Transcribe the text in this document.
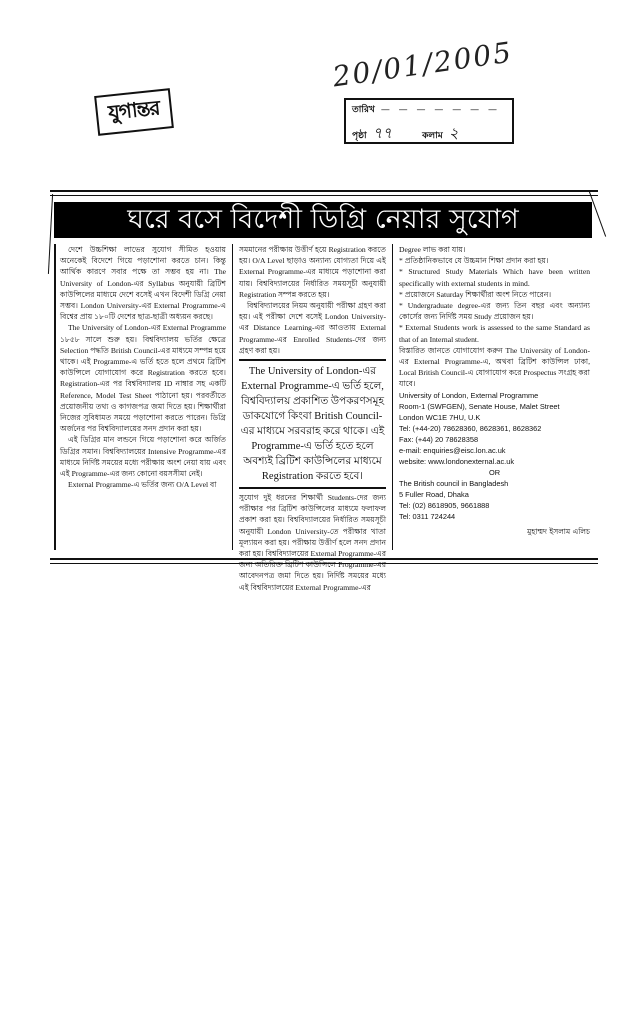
যুগান্তর
20/01/2005
তারিখ — — — — — — —
পৃষ্ঠা ৭৭	কলাম ২
ঘরে বসে বিদেশী ডিগ্রি নেয়ার সুযোগ

দেশে উচ্চশিক্ষা লাভের সুযোগ সীমিত হওয়ায় অনেকেই বিদেশে গিয়ে পড়াশোনা করতে চান। কিন্তু আর্থিক কারণে সবার পক্ষে তা সম্ভব হয় না। The University of London-এর Syllabus অনুযায়ী ব্রিটিশ কাউন্সিলের মাধ্যমে দেশে বসেই এখন বিদেশী ডিগ্রি নেয়া সম্ভব। London University-এর External Programme-এ বিশ্বের প্রায় ১৮০টি দেশের ছাত্র-ছাত্রী অধ্যয়ন করছে।

The University of London-এর External Programme ১৮৫৮ সালে শুরু হয়। বিশ্ববিদ্যালয় ভর্তির ক্ষেত্রে Selection পদ্ধতি British Council-এর মাধ্যমে সম্পন্ন হয়ে থাকে। এই Programme-এ ভর্তি হতে হলে প্রথমে ব্রিটিশ কাউন্সিলে যোগাযোগ করে Registration করতে হবে। Registration-এর পর বিশ্ববিদ্যালয় ID নাম্বার সহ একটি Reference, Model Test Sheet পাঠানো হয়। পরবর্তীতে প্রয়োজনীয় তথ্য ও কাগজপত্র জমা দিতে হয়। শিক্ষার্থীরা নিজের সুবিধামত সময়ে পড়াশোনা করতে পারেন। ডিগ্রি অর্জনের পর বিশ্ববিদ্যালয়ের সনদ প্রদান করা হয়।

এই ডিগ্রির মান লন্ডনে গিয়ে পড়াশোনা করে অর্জিত ডিগ্রির সমান। বিশ্ববিদ্যালয়ের Intensive Programme-এর মাধ্যমে নির্দিষ্ট সময়ের মধ্যে পরীক্ষায় অংশ নেয়া যায় এবং এই Programme-এর জন্য কোনো বয়সসীমা নেই।

External Programme-এ ভর্তির জন্য O/A Level বা

সমমানের পরীক্ষায় উত্তীর্ণ হয়ে Registration করতে হয়। O/A Level ছাড়াও অন্যান্য যোগ্যতা দিয়ে এই External Programme-এর মাধ্যমে পড়াশোনা করা যায়। বিশ্ববিদ্যালয়ের নির্ধারিত সময়সূচী অনুযায়ী Registration সম্পন্ন করতে হয়।

বিশ্ববিদ্যালয়ের নিয়ম অনুযায়ী পরীক্ষা গ্রহণ করা হয়। এই পরীক্ষা দেশে বসেই London University-এর Distance Learning-এর আওতায় External Programme-এর Enrolled Students-দের জন্য গ্রহণ করা হয়।

The University of London-এর External Programme-এ ভর্তি হলে, বিশ্ববিদ্যালয় প্রকাশিত উপকরণসমূহ ডাকযোগে কিংবা British Council-এর মাধ্যমে সরবরাহ করে থাকে। এই Programme-এ ভর্তি হতে হলে অবশ্যই ব্রিটিশ কাউন্সিলের মাধ্যমে Registration করতে হবে।

সুযোগ দুই ধরনের শিক্ষার্থী Students-দের জন্য পরীক্ষার পর ব্রিটিশ কাউন্সিলের মাধ্যমে ফলাফল প্রকাশ করা হয়। বিশ্ববিদ্যালয়ের নির্ধারিত সময়সূচী অনুযায়ী London University-তে পরীক্ষার খাতা মূল্যায়ন করা হয়। পরীক্ষায় উত্তীর্ণ হলে সনদ প্রদান করা হয়। বিশ্ববিদ্যালয়ের External Programme-এর জন্য অতিরিক্ত ব্রিটিশ কাউন্সিলে Programme-এর আবেদনপত্র জমা দিতে হয়। নির্দিষ্ট সময়ের মধ্যে এই বিশ্ববিদ্যালয়ের External Programme-এর

Degree লাভ করা যায়।

* প্রতিষ্ঠানিকভাবে যে উচ্চমান শিক্ষা প্রদান করা হয়।

* Structured Study Materials Which have been written specifically with external students in mind.

* প্রয়োজনে Saturday শিক্ষার্থীরা অংশ নিতে পারেন।

* Undergraduate degree-এর জন্য তিন বছর এবং অন্যান্য কোর্সের জন্য নির্দিষ্ট সময় Study প্রয়োজন হয়।

* External Students work is assessed to the same Standard as that of an Internal student.

বিস্তারিত জানতে যোগাযোগ করুন The University of London-এর External Programme-এ, অথবা ব্রিটিশ কাউন্সিল ঢাকা, Local British Council-এ যোগাযোগ করে Prospectus সংগ্রহ করা যাবে।

University of London, External Programme
Room-1 (SWFGEN), Senate House, Malet Street
London WC1E 7HU, U.K
Tel: (+44-20) 78628360, 8628361, 8628362
Fax: (+44) 20 78628358
e-mail: enquiries@eisc.lon.ac.uk
website: www.londonexternal.ac.uk
OR
The British council in Bangladesh
5 Fuller Road, Dhaka
Tel: (02) 8618905, 9661888
Tel: 0311 724244
মুহাম্মদ ইসলাম এলিচ
